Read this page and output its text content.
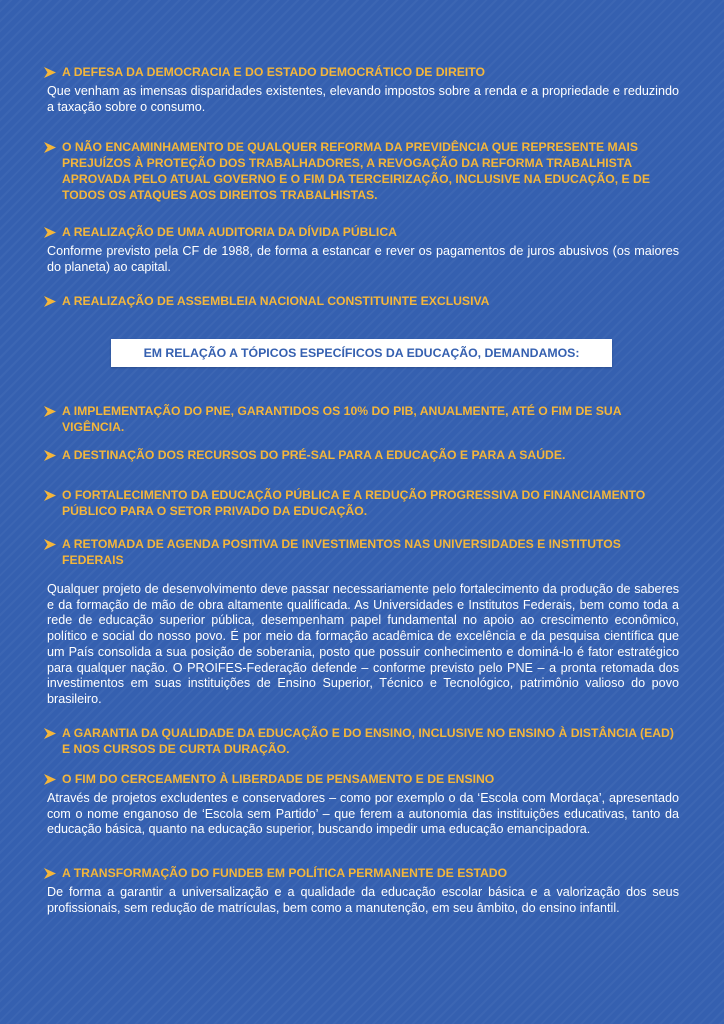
A DEFESA DA DEMOCRACIA E DO ESTADO DEMOCRÁTICO DE DIREITO
Que venham as imensas disparidades existentes, elevando impostos sobre a renda e a propriedade e reduzindo a taxação sobre o consumo.
O NÃO ENCAMINHAMENTO DE QUALQUER REFORMA DA PREVIDÊNCIA QUE REPRESENTE MAIS PREJUÍZOS À PROTEÇÃO DOS TRABALHADORES, A REVOGAÇÃO DA REFORMA TRABALHISTA APROVADA PELO ATUAL GOVERNO E O FIM DA TERCEIRIZAÇÃO, INCLUSIVE NA EDUCAÇÃO, E DE TODOS OS ATAQUES AOS DIREITOS TRABALHISTAS.
A REALIZAÇÃO DE UMA AUDITORIA DA DÍVIDA PÚBLICA
Conforme previsto pela CF de 1988, de forma a estancar e rever os pagamentos de juros abusivos (os maiores do planeta) ao capital.
A REALIZAÇÃO DE ASSEMBLEIA NACIONAL CONSTITUINTE EXCLUSIVA
EM RELAÇÃO A TÓPICOS ESPECÍFICOS DA EDUCAÇÃO, DEMANDAMOS:
A IMPLEMENTAÇÃO DO PNE, GARANTIDOS OS 10% DO PIB, ANUALMENTE, ATÉ O FIM DE SUA VIGÊNCIA.
A DESTINAÇÃO DOS RECURSOS DO PRÉ-SAL PARA A EDUCAÇÃO E PARA A SAÚDE.
O FORTALECIMENTO DA EDUCAÇÃO PÚBLICA E A REDUÇÃO PROGRESSIVA DO FINANCIAMENTO PÚBLICO PARA O SETOR PRIVADO DA EDUCAÇÃO.
A RETOMADA DE AGENDA POSITIVA DE INVESTIMENTOS NAS UNIVERSIDADES E INSTITUTOS FEDERAIS
Qualquer projeto de desenvolvimento deve passar necessariamente pelo fortalecimento da produção de saberes e da formação de mão de obra altamente qualificada. As Universidades e Institutos Federais, bem como toda a rede de educação superior pública, desempenham papel fundamental no apoio ao crescimento econômico, político e social do nosso povo. É por meio da formação acadêmica de excelência e da pesquisa científica que um País consolida a sua posição de soberania, posto que possuir conhecimento e dominá-lo é fator estratégico para qualquer nação. O PROIFES-Federação defende – conforme previsto pelo PNE – a pronta retomada dos investimentos em suas instituições de Ensino Superior, Técnico e Tecnológico, patrimônio valioso do povo brasileiro.
A GARANTIA DA QUALIDADE DA EDUCAÇÃO E DO ENSINO, INCLUSIVE NO ENSINO À DISTÂNCIA (EAD) E NOS CURSOS DE CURTA DURAÇÃO.
O FIM DO CERCEAMENTO À LIBERDADE DE PENSAMENTO E DE ENSINO
Através de projetos excludentes e conservadores – como por exemplo o da ‘Escola com Mordaça’, apresentado com o nome enganoso de ‘Escola sem Partido’ – que ferem a autonomia das instituições educativas, tanto da educação básica, quanto na educação superior, buscando impedir uma educação emancipadora.
A TRANSFORMAÇÃO DO FUNDEB EM POLÍTICA PERMANENTE DE ESTADO
De forma a garantir a universalização e a qualidade da educação escolar básica e a valorização dos seus profissionais, sem redução de matrículas, bem como a manutenção, em seu âmbito, do ensino infantil.
